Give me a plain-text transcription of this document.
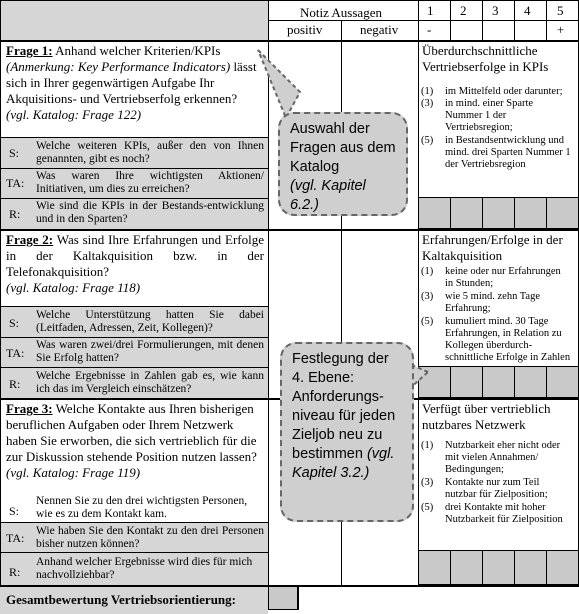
Notiz Aussagen
positiv	negativ
1 2 3 4 5
-	+
Frage 1: Anhand welcher Kriterien/KPIs (Anmerkung: Key Performance Indicators) lässt sich in Ihrer gegenwärtigen Aufgabe Ihr Akquisitions- und Vertriebserfolg erkennen?
(vgl. Katalog: Frage 122)
S: Welche weiteren KPIs, außer den von Ihnen genannten, gibt es noch?
TA: Was waren Ihre wichtigsten Aktionen/ Initiativen, um dies zu erreichen?
R:
Wie sind die KPIs in der Bestands-entwicklung und in den Sparten?
Überdurchschnittliche Vertriebserfolge in KPIs
(1) im Mittelfeld oder darunter;
(3) in mind. einer Sparte Nummer 1 der Vertriebsregion;
(5) in Bestandsentwicklung und mind. drei Sparten Nummer 1 der Vertriebsregion
Frage 2: Was sind Ihre Erfahrungen und Erfolge in der Kaltakquisition bzw. in der Telefonakquisition?
(vgl. Katalog: Frage 118)
S:
Welche Unterstützung hatten Sie dabei (Leitfaden, Adressen, Zeit, Kollegen)?
TA:
Was waren zwei/drei Formulierungen, mit denen Sie Erfolg hatten?
R:
Welche Ergebnisse in Zahlen gab es, wie kann ich das im Vergleich einschätzen?
Erfahrungen/Erfolge in der Kaltakquisition
(1) keine oder nur Erfahrungen in Stunden;
(3) wie 5 mind. zehn Tage Erfahrung;
(5) kumuliert mind. 30 Tage Erfahrungen, in Relation zu Kollegen überdurch-schnittliche Erfolge in Zahlen
Frage 3: Welche Kontakte aus Ihren bisherigen beruflichen Aufgaben oder Ihrem Netzwerk haben Sie erworben, die sich vertrieblich für die zur Diskussion stehende Position nutzen lassen?
(vgl. Katalog: Frage 119)
S:
Nennen Sie zu den drei wichtigsten Personen, wie es zu dem Kontakt kam.
TA: Wie haben Sie den Kontakt zu den drei Personen bisher nutzen können?
R:
Anhand welcher Ergebnisse wird dies für mich nachvollziehbar?
Verfügt über vertrieblich nutzbares Netzwerk
(1) Nutzbarkeit eher nicht oder mit vielen Annahmen/ Bedingungen;
(3) Kontakte nur zum Teil nutzbar für Zielposition;
(5) drei Kontakte mit hoher Nutzbarkeit für Zielposition
Gesamtbewertung Vertriebsorientierung:
Auswahl der Fragen aus dem Katalog
(vgl. Kapitel 6.2.)
Festlegung der 4. Ebene: Anforderungs-niveau für jeden Zieljob neu zu bestimmen (vgl. Kapitel 3.2.)
